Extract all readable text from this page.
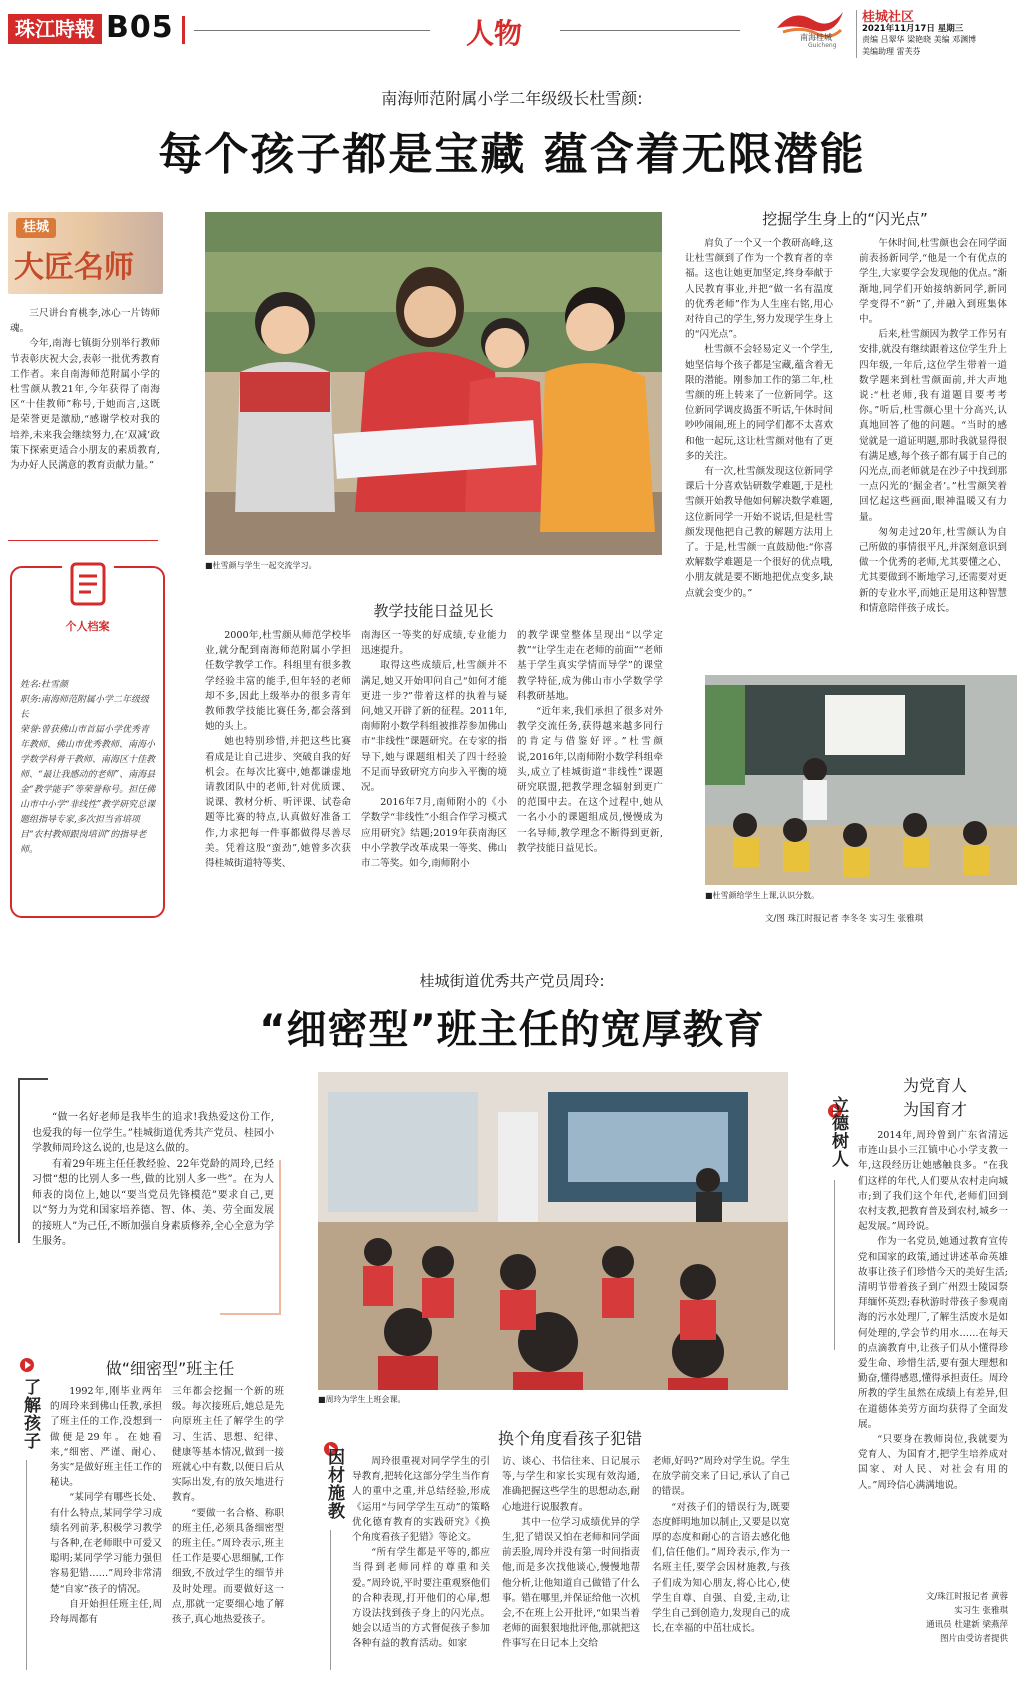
珠江時報 B05	人物	南海桂城
Guicheng
桂城社区
2021年11月17日 星期三
责编 吕翠华 梁艳晓 美编 邓渊博
美编助理 雷芙芬
南海师范附属小学二年级级长杜雪颜:
每个孩子都是宝藏 蕴含着无限潜能
桂城
大匠名师

三尺讲台育桃李,冰心一片铸师魂。

今年,南海七镇街分别举行教师节表彰庆祝大会,表彰一批优秀教育工作者。来自南海师范附属小学的杜雪颜从教21年,今年获得了南海区“十佳教师”称号,于她而言,这既是荣誉更是激励,“感谢学校对我的培养,未来我会继续努力,在‘双减’政策下探索更适合小朋友的素质教育,为办好人民满意的教育贡献力量。”

个人档案
姓名:杜雪颜
职务:南海师范附属小学二年级级长
荣誉:曾获佛山市首届小学优秀青年教师、佛山市优秀教师、南海小学数学科骨干教师、南海区十佳教师、“最让我感动的老师”、南海县金“教学能手”等荣誉称号。担任佛山市中小学“非线性”教学研究总课题组指导专家,多次担当省培项目“农村教师跟岗培训”的指导老师。
■杜雪颜与学生一起交流学习。
教学技能日益见长

2000年,杜雪颜从师范学校毕业,就分配到南海师范附属小学担任数学教学工作。科组里有很多教学经验丰富的能手,但年轻的老师却不多,因此上级举办的很多青年教师教学技能比赛任务,都会落到她的头上。

她也特别珍惜,并把这些比赛看成是让自己进步、突破自我的好机会。在每次比赛中,她都谦虚地请教团队中的老师,针对优质课、说课、教材分析、听评课、试卷命题等比赛的特点,认真做好准备工作,力求把每一件事都做得尽善尽美。凭着这股“蛮劲”,她曾多次获得桂城街道特等奖、

南海区一等奖的好成绩,专业能力迅速提升。

取得这些成绩后,杜雪颜并不满足,她又开始叩问自己“如何才能更进一步?”带着这样的执着与疑问,她又开辟了新的征程。2011年,南师附小数学科组被推荐参加佛山市“非线性”课题研究。在专家的指导下,她与课题组相关了四十经验不足而导致研究方向步入平衡的境况。

2016年7月,南师附小的《小学数学“非线性”小组合作学习模式应用研究》结题;2019年获南海区中小学教学改革成果一等奖、佛山市二等奖。如今,南师附小

的教学课堂整体呈现出“以学定教”“让学生走在老师的前面”“老师基于学生真实学情而导学”的课堂教学特征,成为佛山市小学数学学科教研基地。

“近年来,我们承担了很多对外教学交流任务,获得越来越多同行的肯定与借鉴好评。”杜雪颜说,2016年,以南师附小数学科组牵头,成立了桂城街道“非线性”课题研究联盟,把教学理念辐射到更广的范围中去。在这个过程中,她从一名小小的课题组成员,慢慢成为一名导师,教学理念不断得到更新,教学技能日益见长。

挖掘学生身上的“闪光点”

肩负了一个又一个教研高峰,这让杜雪颜到了作为一个教育者的幸福。这也让她更加坚定,终身奉献于人民教育事业,并把“做一名有温度的优秀老师”作为人生座右铭,用心对待自己的学生,努力发现学生身上的“闪光点”。

杜雪颜不会轻易定义一个学生,她坚信每个孩子都是宝藏,蕴含着无限的潜能。刚参加工作的第二年,杜雪颜的班上转来了一位新同学。这位新同学调皮捣蛋不听话,午休时间吵吵闹闹,班上的同学们都不太喜欢和他一起玩,这让杜雪颜对他有了更多的关注。

有一次,杜雪颜发现这位新同学课后十分喜欢钻研数学难题,于是杜雪颜开始教导他如何解决数学难题,这位新同学一开始不说话,但是杜雪颜发现他把自己教的解题方法用上了。于是,杜雪颜一直鼓励他:“你喜欢解数学难题是一个很好的优点哦,小朋友就是要不断地把优点变多,缺点就会变少的。”

午休时间,杜雪颜也会在同学面前表扬新同学,“他是一个有优点的学生,大家要学会发现他的优点。”渐渐地,同学们开始接纳新同学,新同学变得不“新”了,并融入到班集体中。

后来,杜雪颜因为教学工作另有安排,就没有继续跟着这位学生升上四年级,一年后,这位学生带着一道数学题来到杜雪颜面前,并大声地说:“杜老师,我有道题目要考考你。”听后,杜雪颜心里十分高兴,认真地回答了他的问题。“当时的感觉就是一道证明题,那时我就显得很有满足感,每个孩子都有属于自己的闪光点,而老师就是在沙子中找到那一点闪光的‘掘金者’。”杜雪颜笑着回忆起这些画面,眼神温暖又有力量。

匆匆走过20年,杜雪颜认为自己所做的事情很平凡,并深刻意识到做一个优秀的老师,尤其要懂之心、尤其要做到不断地学习,还需要对更新的专业水平,而她正是用这种智慧和情意陪伴孩子成长。

■杜雪颜给学生上课,认识分数。
文/图 珠江时报记者 李冬冬 实习生 张雅琪
桂城街道优秀共产党员周玲:
“细密型”班主任的宽厚教育

“做一名好老师是我毕生的追求!我热爱这份工作,也爱我的每一位学生。”桂城街道优秀共产党员、桂园小学教师周玲这么说的,也是这么做的。

有着29年班主任任教经验、22年党龄的周玲,已经习惯“想的比别人多一些,做的比别人多一些”。在为人师表的岗位上,她以“要当党员先锋模范”要求自己,更以“努力为党和国家培养德、智、体、美、劳全面发展的接班人”为己任,不断加强自身素质修养,全心全意为学生服务。

■周玲为学生上班会课。
了解孩子
做“细密型”班主任

1992年,刚毕业两年的周玲来到佛山任教,承担了班主任的工作,没想到一做便是29年。在她看来,“细密、严谨、耐心、务实”是做好班主任工作的秘诀。

“某同学有哪些长处、有什么特点,某同学学习成绩名列前茅,积极学习教学与各种,在老师眼中可爱又聪明;某同学学习能力强但容易犯错……”周玲非常清楚“自家”孩子的情况。

自开始担任班主任,周玲每周都有

三年都会挖掘一个新的班级。每次接班后,她总是先向原班主任了解学生的学习、生活、思想、纪律、健康等基本情况,做到一接班就心中有数,以便日后从实际出发,有的放矢地进行教育。

“要做一名合格、称职的班主任,必须具备细密型的班主任。”周玲表示,班主任工作是要心思细腻,工作细致,不放过学生的细节并及时处理。而要做好这一点,那就一定要细心地了解孩子,真心地热爱孩子。

因材施教
换个角度看孩子犯错

周玲很重视对同学学生的引导教育,把转化这部分学生当作育人的重中之重,并总结经验,形成《运用“与同学学生互动”的策略优化德育教育的实践研究》《换个角度看孩子犯错》等论文。

“所有学生都是平等的,都应当得到老师同样的尊重和关爱。”周玲说,平时要注重观察他们的合种表现,打开他们的心扉,想方设法找到孩子身上的闪光点。她会以适当的方式督促孩子参加各种有益的教育活动。如家

访、谈心、书信往来、日记展示等,与学生和家长实现有效沟通,准确把握这些学生的思想动态,耐心地进行说服教育。

其中一位学习成绩优异的学生,犯了错误又怕在老师和同学面前丢脸,周玲并没有第一时间指责他,而是多次找他谈心,慢慢地帮他分析,让他知道自己做错了什么事。错在哪里,并保证给他一次机会,不在班上公开批评,“如果当着老师的面狠狠地批评他,那就把这件事写在日记本上交给

老师,好吗?”周玲对学生说。学生在放学前交来了日记,承认了自己的错误。

“对孩子们的错误行为,既要态度鲜明地加以制止,又要是以宽厚的态度和耐心的言语去感化他们,信任他们。”周玲表示,作为一名班主任,要学会因材施教,与孩子们成为知心朋友,将心比心,使学生自尊、自强、自爱,主动,让学生自己到创造力,发现自己的成长,在幸福的中茁壮成长。

立德树人
为党育人
为国育才

2014年,周玲曾到广东省清远市连山县小三江镇中心小学支教一年,这段经历让她感触良多。“在我们这样的年代,人们要从农村走向城市;到了我们这个年代,老师们回到农村支教,把教育普及到农村,城乡一起发展。”周玲说。

作为一名党员,她通过教育宣传党和国家的政策,通过讲述革命英雄故事让孩子们珍惜今天的美好生活;清明节带着孩子到广州烈士陵园祭拜缅怀英烈;春秋游时带孩子参观南海的污水处理厂,了解生活废水是如何处理的,学会节约用水……在每天的点滴教育中,让孩子们从小懂得珍爱生命、珍惜生活,要有强大理想和勤奋,懂得感恩,懂得承担责任。周玲所教的学生虽然在成绩上有差异,但在道德体美劳方面均获得了全面发展。

“只要身在教师岗位,我就要为党育人、为国育才,把学生培养成对国家、对人民、对社会有用的人。”周玲信心满满地说。

文/珠江时报记者 黄蓉
实习生 张雅琪
通讯员 杜建新 梁燕萍
图片由受访者提供
